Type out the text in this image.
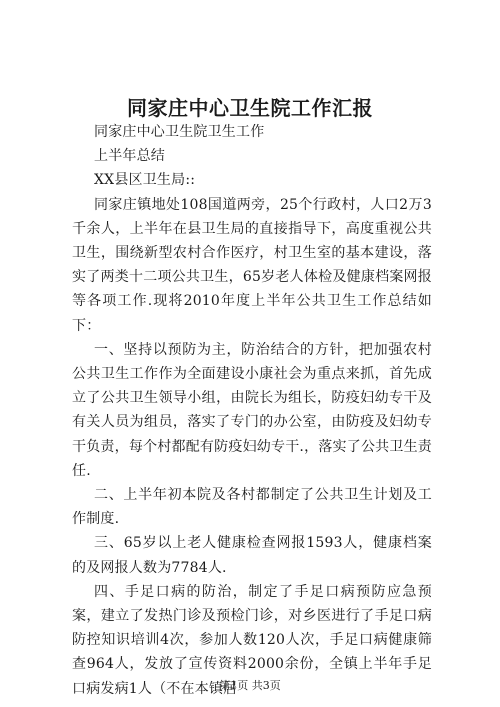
同家庄中心卫生院工作汇报

同家庄中心卫生院卫生工作

上半年总结

XX县区卫生局::

同家庄镇地处108国道两旁，25个行政村，人口2万3千余人，上半年在县卫生局的直接指导下，高度重视公共卫生，围绕新型农村合作医疗，村卫生室的基本建设，落实了两类十二项公共卫生，65岁老人体检及健康档案网报等各项工作.现将2010年度上半年公共卫生工作总结如下：

一、坚持以预防为主，防治结合的方针，把加强农村公共卫生工作作为全面建设小康社会为重点来抓，首先成立了公共卫生领导小组，由院长为组长，防疫妇幼专干及有关人员为组员，落实了专门的办公室，由防疫及妇幼专干负责，每个村都配有防疫妇幼专干.，落实了公共卫生责任.

二、上半年初本院及各村都制定了公共卫生计划及工作制度.

三、65岁以上老人健康检查网报1593人，健康档案的及网报人数为7784人.

四、手足口病的防治，制定了手足口病预防应急预案，建立了发热门诊及预检门诊，对乡医进行了手足口病防控知识培训4次，参加人数120人次，手足口病健康筛查964人，发放了宣传资料2000余份，全镇上半年手足口病发病1人（不在本镇居

第1页 共3页
